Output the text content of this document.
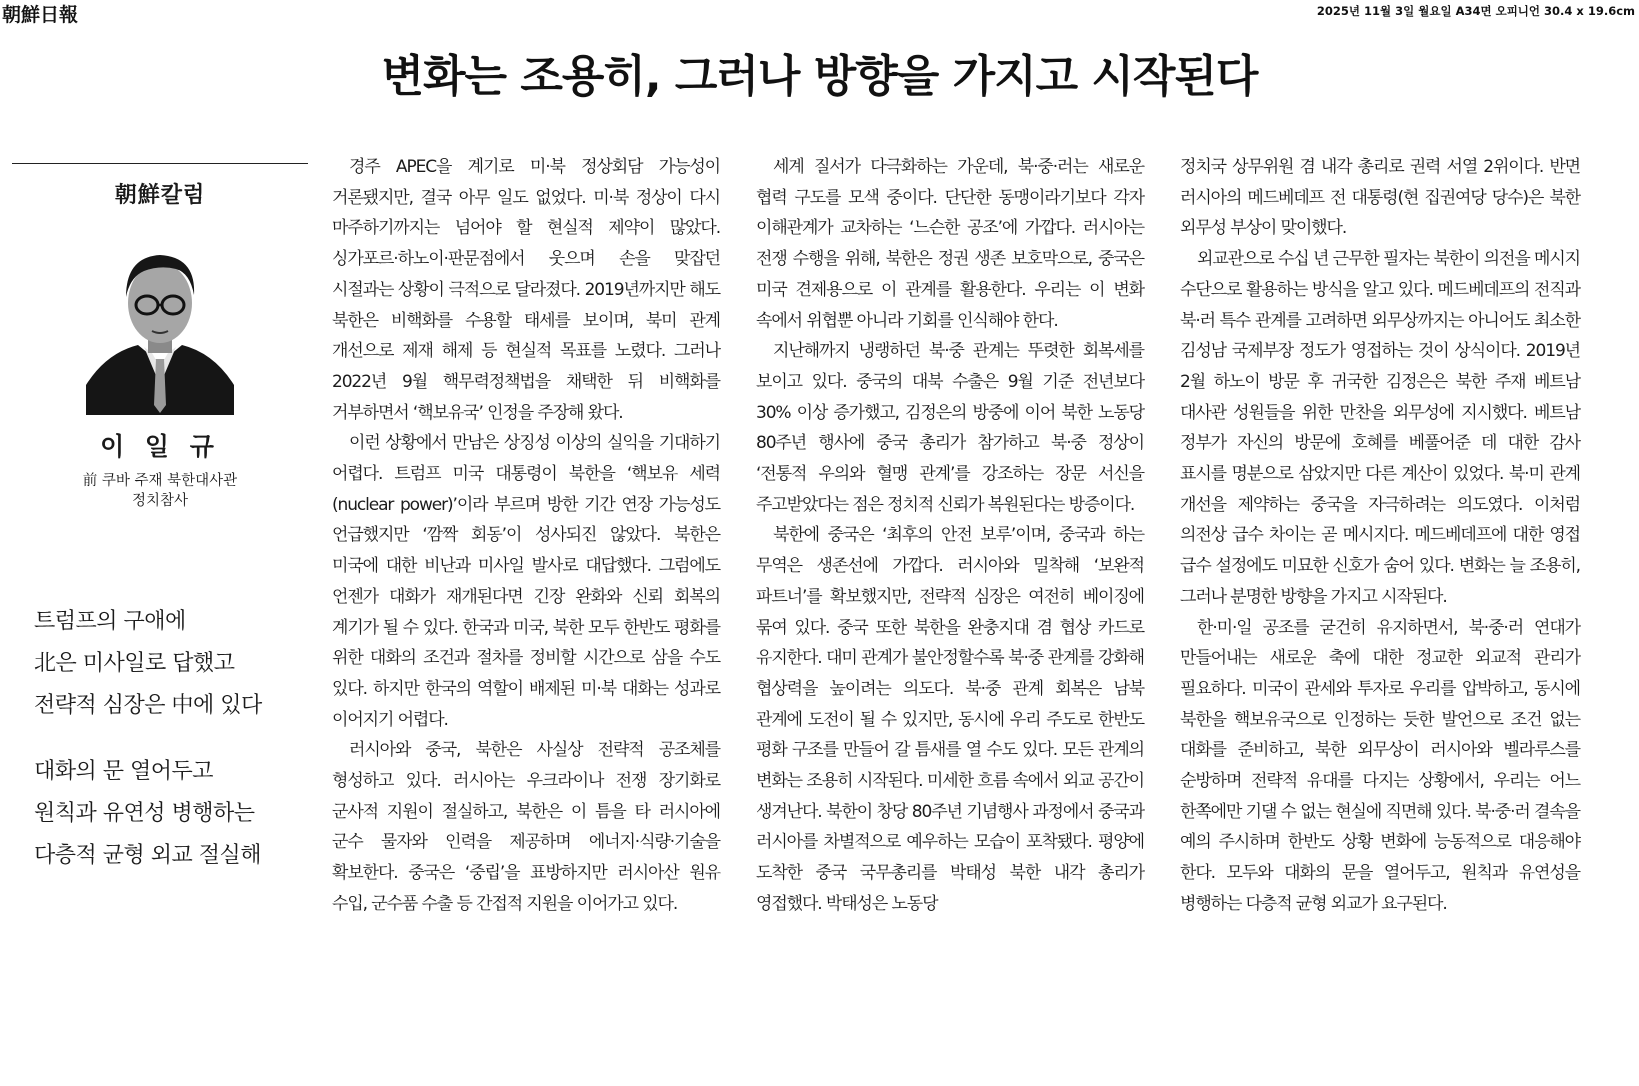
朝鮮日報	2025년 11월 3일 월요일 A34면 오피니언 30.4 x 19.6cm
변화는 조용히, 그러나 방향을 가지고 시작된다
朝鮮칼럼
이 일 규
前 쿠바 주재 북한대사관
정치참사
트럼프의 구애에
北은 미사일로 답했고
전략적 심장은 中에 있다
대화의 문 열어두고
원칙과 유연성 병행하는
다층적 균형 외교 절실해

경주 APEC을 계기로 미·북 정상회담 가능성이 거론됐지만, 결국 아무 일도 없었다. 미·북 정상이 다시 마주하기까지는 넘어야 할 현실적 제약이 많았다. 싱가포르·하노이·판문점에서 웃으며 손을 맞잡던 시절과는 상황이 극적으로 달라졌다. 2019년까지만 해도 북한은 비핵화를 수용할 태세를 보이며, 북미 관계 개선으로 제재 해제 등 현실적 목표를 노렸다. 그러나 2022년 9월 핵무력정책법을 채택한 뒤 비핵화를 거부하면서 ‘핵보유국’ 인정을 주장해 왔다.

이런 상황에서 만남은 상징성 이상의 실익을 기대하기 어렵다. 트럼프 미국 대통령이 북한을 ‘핵보유 세력(nuclear power)’이라 부르며 방한 기간 연장 가능성도 언급했지만 ‘깜짝 회동’이 성사되진 않았다. 북한은 미국에 대한 비난과 미사일 발사로 대답했다. 그럼에도 언젠가 대화가 재개된다면 긴장 완화와 신뢰 회복의 계기가 될 수 있다. 한국과 미국, 북한 모두 한반도 평화를 위한 대화의 조건과 절차를 정비할 시간으로 삼을 수도 있다. 하지만 한국의 역할이 배제된 미·북 대화는 성과로 이어지기 어렵다.

러시아와 중국, 북한은 사실상 전략적 공조체를 형성하고 있다. 러시아는 우크라이나 전쟁 장기화로 군사적 지원이 절실하고, 북한은 이 틈을 타 러시아에 군수 물자와 인력을 제공하며 에너지·식량·기술을 확보한다. 중국은 ‘중립’을 표방하지만 러시아산 원유 수입, 군수품 수출 등 간접적 지원을 이어가고 있다.

세계 질서가 다극화하는 가운데, 북·중·러는 새로운 협력 구도를 모색 중이다. 단단한 동맹이라기보다 각자 이해관계가 교차하는 ‘느슨한 공조’에 가깝다. 러시아는 전쟁 수행을 위해, 북한은 정권 생존 보호막으로, 중국은 미국 견제용으로 이 관계를 활용한다. 우리는 이 변화 속에서 위협뿐 아니라 기회를 인식해야 한다.

지난해까지 냉랭하던 북·중 관계는 뚜렷한 회복세를 보이고 있다. 중국의 대북 수출은 9월 기준 전년보다 30% 이상 증가했고, 김정은의 방중에 이어 북한 노동당 80주년 행사에 중국 총리가 참가하고 북·중 정상이 ‘전통적 우의와 혈맹 관계’를 강조하는 장문 서신을 주고받았다는 점은 정치적 신뢰가 복원된다는 방증이다.

북한에 중국은 ‘최후의 안전 보루’이며, 중국과 하는 무역은 생존선에 가깝다. 러시아와 밀착해 ‘보완적 파트너’를 확보했지만, 전략적 심장은 여전히 베이징에 묶여 있다. 중국 또한 북한을 완충지대 겸 협상 카드로 유지한다. 대미 관계가 불안정할수록 북·중 관계를 강화해 협상력을 높이려는 의도다. 북·중 관계 회복은 남북 관계에 도전이 될 수 있지만, 동시에 우리 주도로 한반도 평화 구조를 만들어 갈 틈새를 열 수도 있다. 모든 관계의 변화는 조용히 시작된다. 미세한 흐름 속에서 외교 공간이 생겨난다. 북한이 창당 80주년 기념행사 과정에서 중국과 러시아를 차별적으로 예우하는 모습이 포착됐다. 평양에 도착한 중국 국무총리를 박태성 북한 내각 총리가 영접했다. 박태성은 노동당

정치국 상무위원 겸 내각 총리로 권력 서열 2위이다. 반면 러시아의 메드베데프 전 대통령(현 집권여당 당수)은 북한 외무성 부상이 맞이했다.

외교관으로 수십 년 근무한 필자는 북한이 의전을 메시지 수단으로 활용하는 방식을 알고 있다. 메드베데프의 전직과 북·러 특수 관계를 고려하면 외무상까지는 아니어도 최소한 김성남 국제부장 정도가 영접하는 것이 상식이다. 2019년 2월 하노이 방문 후 귀국한 김정은은 북한 주재 베트남 대사관 성원들을 위한 만찬을 외무성에 지시했다. 베트남 정부가 자신의 방문에 호혜를 베풀어준 데 대한 감사 표시를 명분으로 삼았지만 다른 계산이 있었다. 북·미 관계 개선을 제약하는 중국을 자극하려는 의도였다. 이처럼 의전상 급수 차이는 곧 메시지다. 메드베데프에 대한 영접 급수 설정에도 미묘한 신호가 숨어 있다. 변화는 늘 조용히, 그러나 분명한 방향을 가지고 시작된다.

한·미·일 공조를 굳건히 유지하면서, 북·중·러 연대가 만들어내는 새로운 축에 대한 정교한 외교적 관리가 필요하다. 미국이 관세와 투자로 우리를 압박하고, 동시에 북한을 핵보유국으로 인정하는 듯한 발언으로 조건 없는 대화를 준비하고, 북한 외무상이 러시아와 벨라루스를 순방하며 전략적 유대를 다지는 상황에서, 우리는 어느 한쪽에만 기댈 수 없는 현실에 직면해 있다. 북·중·러 결속을 예의 주시하며 한반도 상황 변화에 능동적으로 대응해야 한다. 모두와 대화의 문을 열어두고, 원칙과 유연성을 병행하는 다층적 균형 외교가 요구된다.
